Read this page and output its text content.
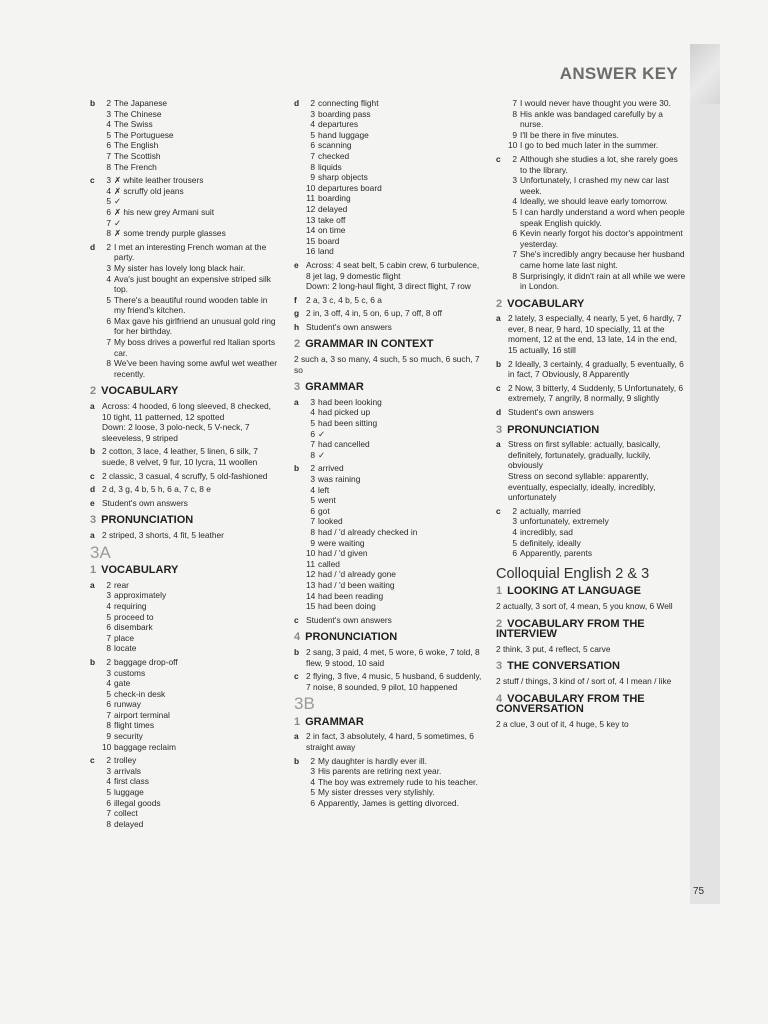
ANSWER KEY
b	2 The Japanese
3 The Chinese
4 The Swiss
5 The Portuguese
6 The English
7 The Scottish
8 The French
c	3 ✗ white leather trousers
4 ✗ scruffy old jeans
5 ✓
6 ✗ his new grey Armani suit
7 ✓
8 ✗ some trendy purple glasses
d	2 I met an interesting French woman at the party.
3 My sister has lovely long black hair.
4 Ava's just bought an expensive striped silk top.
5 There's a beautiful round wooden table in my friend's kitchen.
6 Max gave his girlfriend an unusual gold ring for her birthday.
7 My boss drives a powerful red Italian sports car.
8 We've been having some awful wet weather recently.
2 VOCABULARY
a Across: 4 hooded, 6 long sleeved, 8 checked, 10 tight, 11 patterned, 12 spotted
Down: 2 loose, 3 polo-neck, 5 V-neck, 7 sleeveless, 9 striped
b 2 cotton, 3 lace, 4 leather, 5 linen, 6 silk, 7 suede, 8 velvet, 9 fur, 10 lycra, 11 woollen
c 2 classic, 3 casual, 4 scruffy, 5 old-fashioned
d 2 d, 3 g, 4 b, 5 h, 6 a, 7 c, 8 e
e Student's own answers
3 PRONUNCIATION
a 2 striped, 3 shorts, 4 fit, 5 leather
3A
1 VOCABULARY
a	2 rear
3 approximately
4 requiring
5 proceed to
6 disembark
7 place
8 locate
b	2 baggage drop-off
3 customs
4 gate
5 check-in desk
6 runway
7 airport terminal
8 flight times
9 security
10 baggage reclaim
c	2 trolley
3 arrivals
4 first class
5 luggage
6 illegal goods
7 collect
8 delayed
d	2 connecting flight
3 boarding pass
4 departures
5 hand luggage
6 scanning
7 checked
8 liquids
9 sharp objects
10 departures board
11 boarding
12 delayed
13 take off
14 on time
15 board
16 land
e Across: 4 seat belt, 5 cabin crew, 6 turbulence, 8 jet lag, 9 domestic flight
Down: 2 long-haul flight, 3 direct flight, 7 row
f 2 a, 3 c, 4 b, 5 c, 6 a
g 2 in, 3 off, 4 in, 5 on, 6 up, 7 off, 8 off
h Student's own answers
2 GRAMMAR IN CONTEXT
2 such a, 3 so many, 4 such, 5 so much, 6 such, 7 so
3 GRAMMAR
a	3 had been looking
4 had picked up
5 had been sitting
6 ✓
7 had cancelled
8 ✓
b	2 arrived
3 was raining
4 left
5 went
6 got
7 looked
8 had / 'd already checked in
9 were waiting
10 had / 'd given
11 called
12 had / 'd already gone
13 had / 'd been waiting
14 had been reading
15 had been doing
c Student's own answers
4 PRONUNCIATION
b 2 sang, 3 paid, 4 met, 5 wore, 6 woke, 7 told, 8 flew, 9 stood, 10 said
c 2 flying, 3 five, 4 music, 5 husband, 6 suddenly, 7 noise, 8 sounded, 9 pilot, 10 happened
3B
1 GRAMMAR
a 2 in fact, 3 absolutely, 4 hard, 5 sometimes, 6 straight away
b	2 My daughter is hardly ever ill.
3 His parents are retiring next year.
4 The boy was extremely rude to his teacher.
5 My sister dresses very stylishly.
6 Apparently, James is getting divorced.
7 I would never have thought you were 30.
8 His ankle was bandaged carefully by a nurse.
9 I'll be there in five minutes.
10 I go to bed much later in the summer.
c	2 Although she studies a lot, she rarely goes to the library.
3 Unfortunately, I crashed my new car last week.
4 Ideally, we should leave early tomorrow.
5 I can hardly understand a word when people speak English quickly.
6 Kevin nearly forgot his doctor's appointment yesterday.
7 She's incredibly angry because her husband came home late last night.
8 Surprisingly, it didn't rain at all while we were in London.
2 VOCABULARY
a 2 lately, 3 especially, 4 nearly, 5 yet, 6 hardly, 7 ever, 8 near, 9 hard, 10 specially, 11 at the moment, 12 at the end, 13 late, 14 in the end, 15 actually, 16 still
b 2 Ideally, 3 certainly, 4 gradually, 5 eventually, 6 in fact, 7 Obviously, 8 Apparently
c 2 Now, 3 bitterly, 4 Suddenly, 5 Unfortunately, 6 extremely, 7 angrily, 8 normally, 9 slightly
d Student's own answers
3 PRONUNCIATION
a Stress on first syllable: actually, basically, definitely, fortunately, gradually, luckily, obviously
Stress on second syllable: apparently, eventually, especially, ideally, incredibly, unfortunately
c	2 actually, married
3 unfortunately, extremely
4 incredibly, sad
5 definitely, ideally
6 Apparently, parents
Colloquial English 2 & 3
1 LOOKING AT LANGUAGE
2 actually, 3 sort of, 4 mean, 5 you know, 6 Well
2 VOCABULARY FROM THE INTERVIEW
2 think, 3 put, 4 reflect, 5 carve
3 THE CONVERSATION
2 stuff / things, 3 kind of / sort of, 4 I mean / like
4 VOCABULARY FROM THE CONVERSATION
2 a clue, 3 out of it, 4 huge, 5 key to
75
